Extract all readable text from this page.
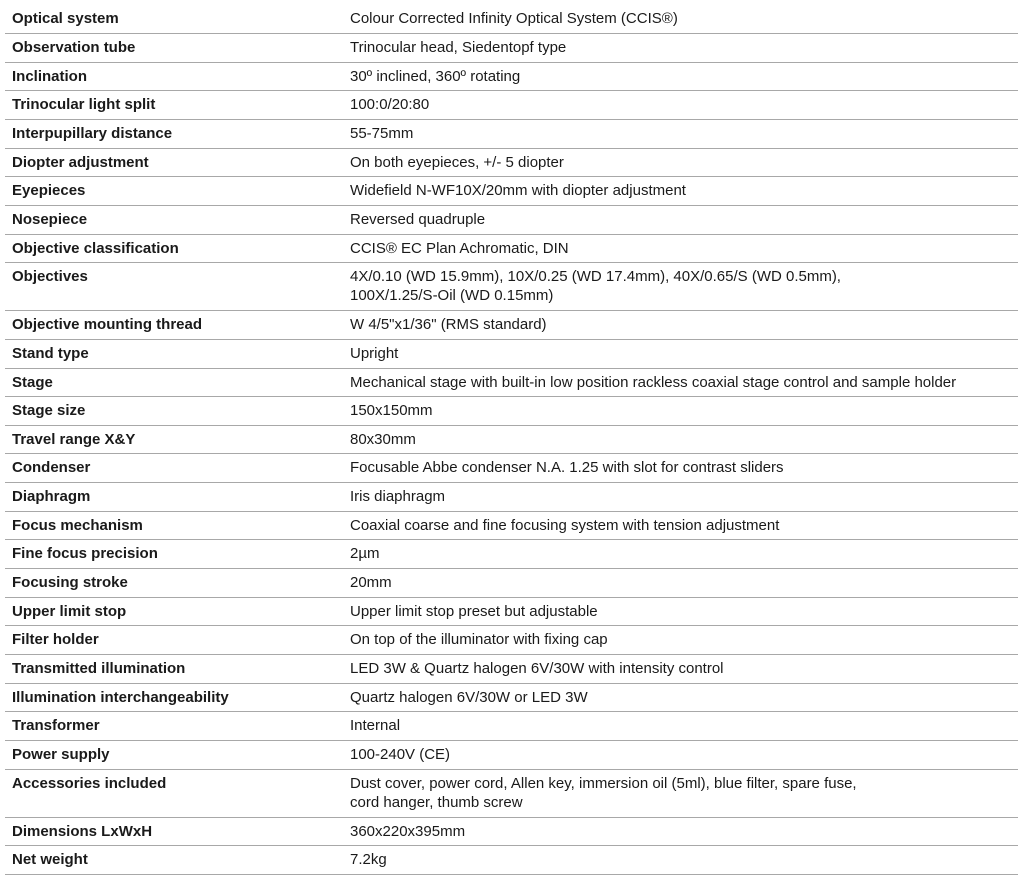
Optical system	Colour Corrected Infinity Optical System (CCIS®)
Observation tube	Trinocular head, Siedentopf type
Inclination	30º inclined, 360º rotating
Trinocular light split	100:0/20:80
Interpupillary distance	55-75mm
Diopter adjustment	On both eyepieces, +/- 5 diopter
Eyepieces	Widefield N-WF10X/20mm with diopter adjustment
Nosepiece	Reversed quadruple
Objective classification	CCIS® EC Plan Achromatic, DIN
Objectives	4X/0.10 (WD 15.9mm), 10X/0.25 (WD 17.4mm), 40X/0.65/S (WD 0.5mm),
100X/1.25/S-Oil (WD 0.15mm)
Objective mounting thread	W 4/5"x1/36" (RMS standard)
Stand type	Upright
Stage	Mechanical stage with built-in low position rackless coaxial stage control and sample holder
Stage size	150x150mm
Travel range X&Y	80x30mm
Condenser	Focusable Abbe condenser N.A. 1.25 with slot for contrast sliders
Diaphragm	Iris diaphragm
Focus mechanism	Coaxial coarse and fine focusing system with tension adjustment
Fine focus precision	2µm
Focusing stroke	20mm
Upper limit stop	Upper limit stop preset but adjustable
Filter holder	On top of the illuminator with fixing cap
Transmitted illumination	LED 3W & Quartz halogen 6V/30W with intensity control
Illumination interchangeability	Quartz halogen 6V/30W or LED 3W
Transformer	Internal
Power supply	100-240V (CE)
Accessories included	Dust cover, power cord, Allen key, immersion oil (5ml), blue filter, spare fuse,
cord hanger, thumb screw
Dimensions LxWxH	360x220x395mm
Net weight	7.2kg
